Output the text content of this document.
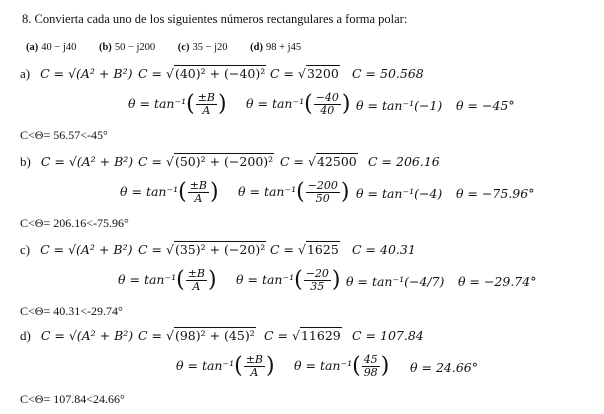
8. Convierta cada uno de los siguientes números rectangulares a forma polar:
(a) 40 − j40 (b) 50 − j200 (c) 35 − j20 (d) 98 + j45
a) C = √(A² + B²) C = √(40)² + (−40)² C = √3200 C = 50.568
$\theta = \tan^{-1}( \frac{\pm B}{A}$ ) $\theta = \tan^{-1}( \frac{-40}{40}$ ) θ = tan⁻¹(−1) θ = −45°
C<Θ= 56.57<-45°
b) C = √(A² + B²) C = √(50)² + (−200)² C = √42500 C = 206.16
$\theta = \tan^{-1}( \frac{\pm B}{A}$ ) $\theta = \tan^{-1}( \frac{-200}{50}$ ) θ = tan⁻¹(−4) θ = −75.96°
C<Θ= 206.16<-75.96°
c) C = √(A² + B²) C = √(35)² + (−20)² C = √1625 C = 40.31
$\theta = \tan^{-1}( \frac{\pm B}{A}$ ) $\theta = \tan^{-1}( \frac{-20}{35}$ ) θ = tan⁻¹(−4/7) θ = −29.74°
C<Θ= 40.31<-29.74°
d) C = √(A² + B²) C = √(98)² + (45)² C = √11629 C = 107.84
$\theta = \tan^{-1}( \frac{\pm B}{A}$ ) $\theta = \tan^{-1}( \frac{45}{98}$ ) θ = 24.66°
C<Θ= 107.84<24.66°
